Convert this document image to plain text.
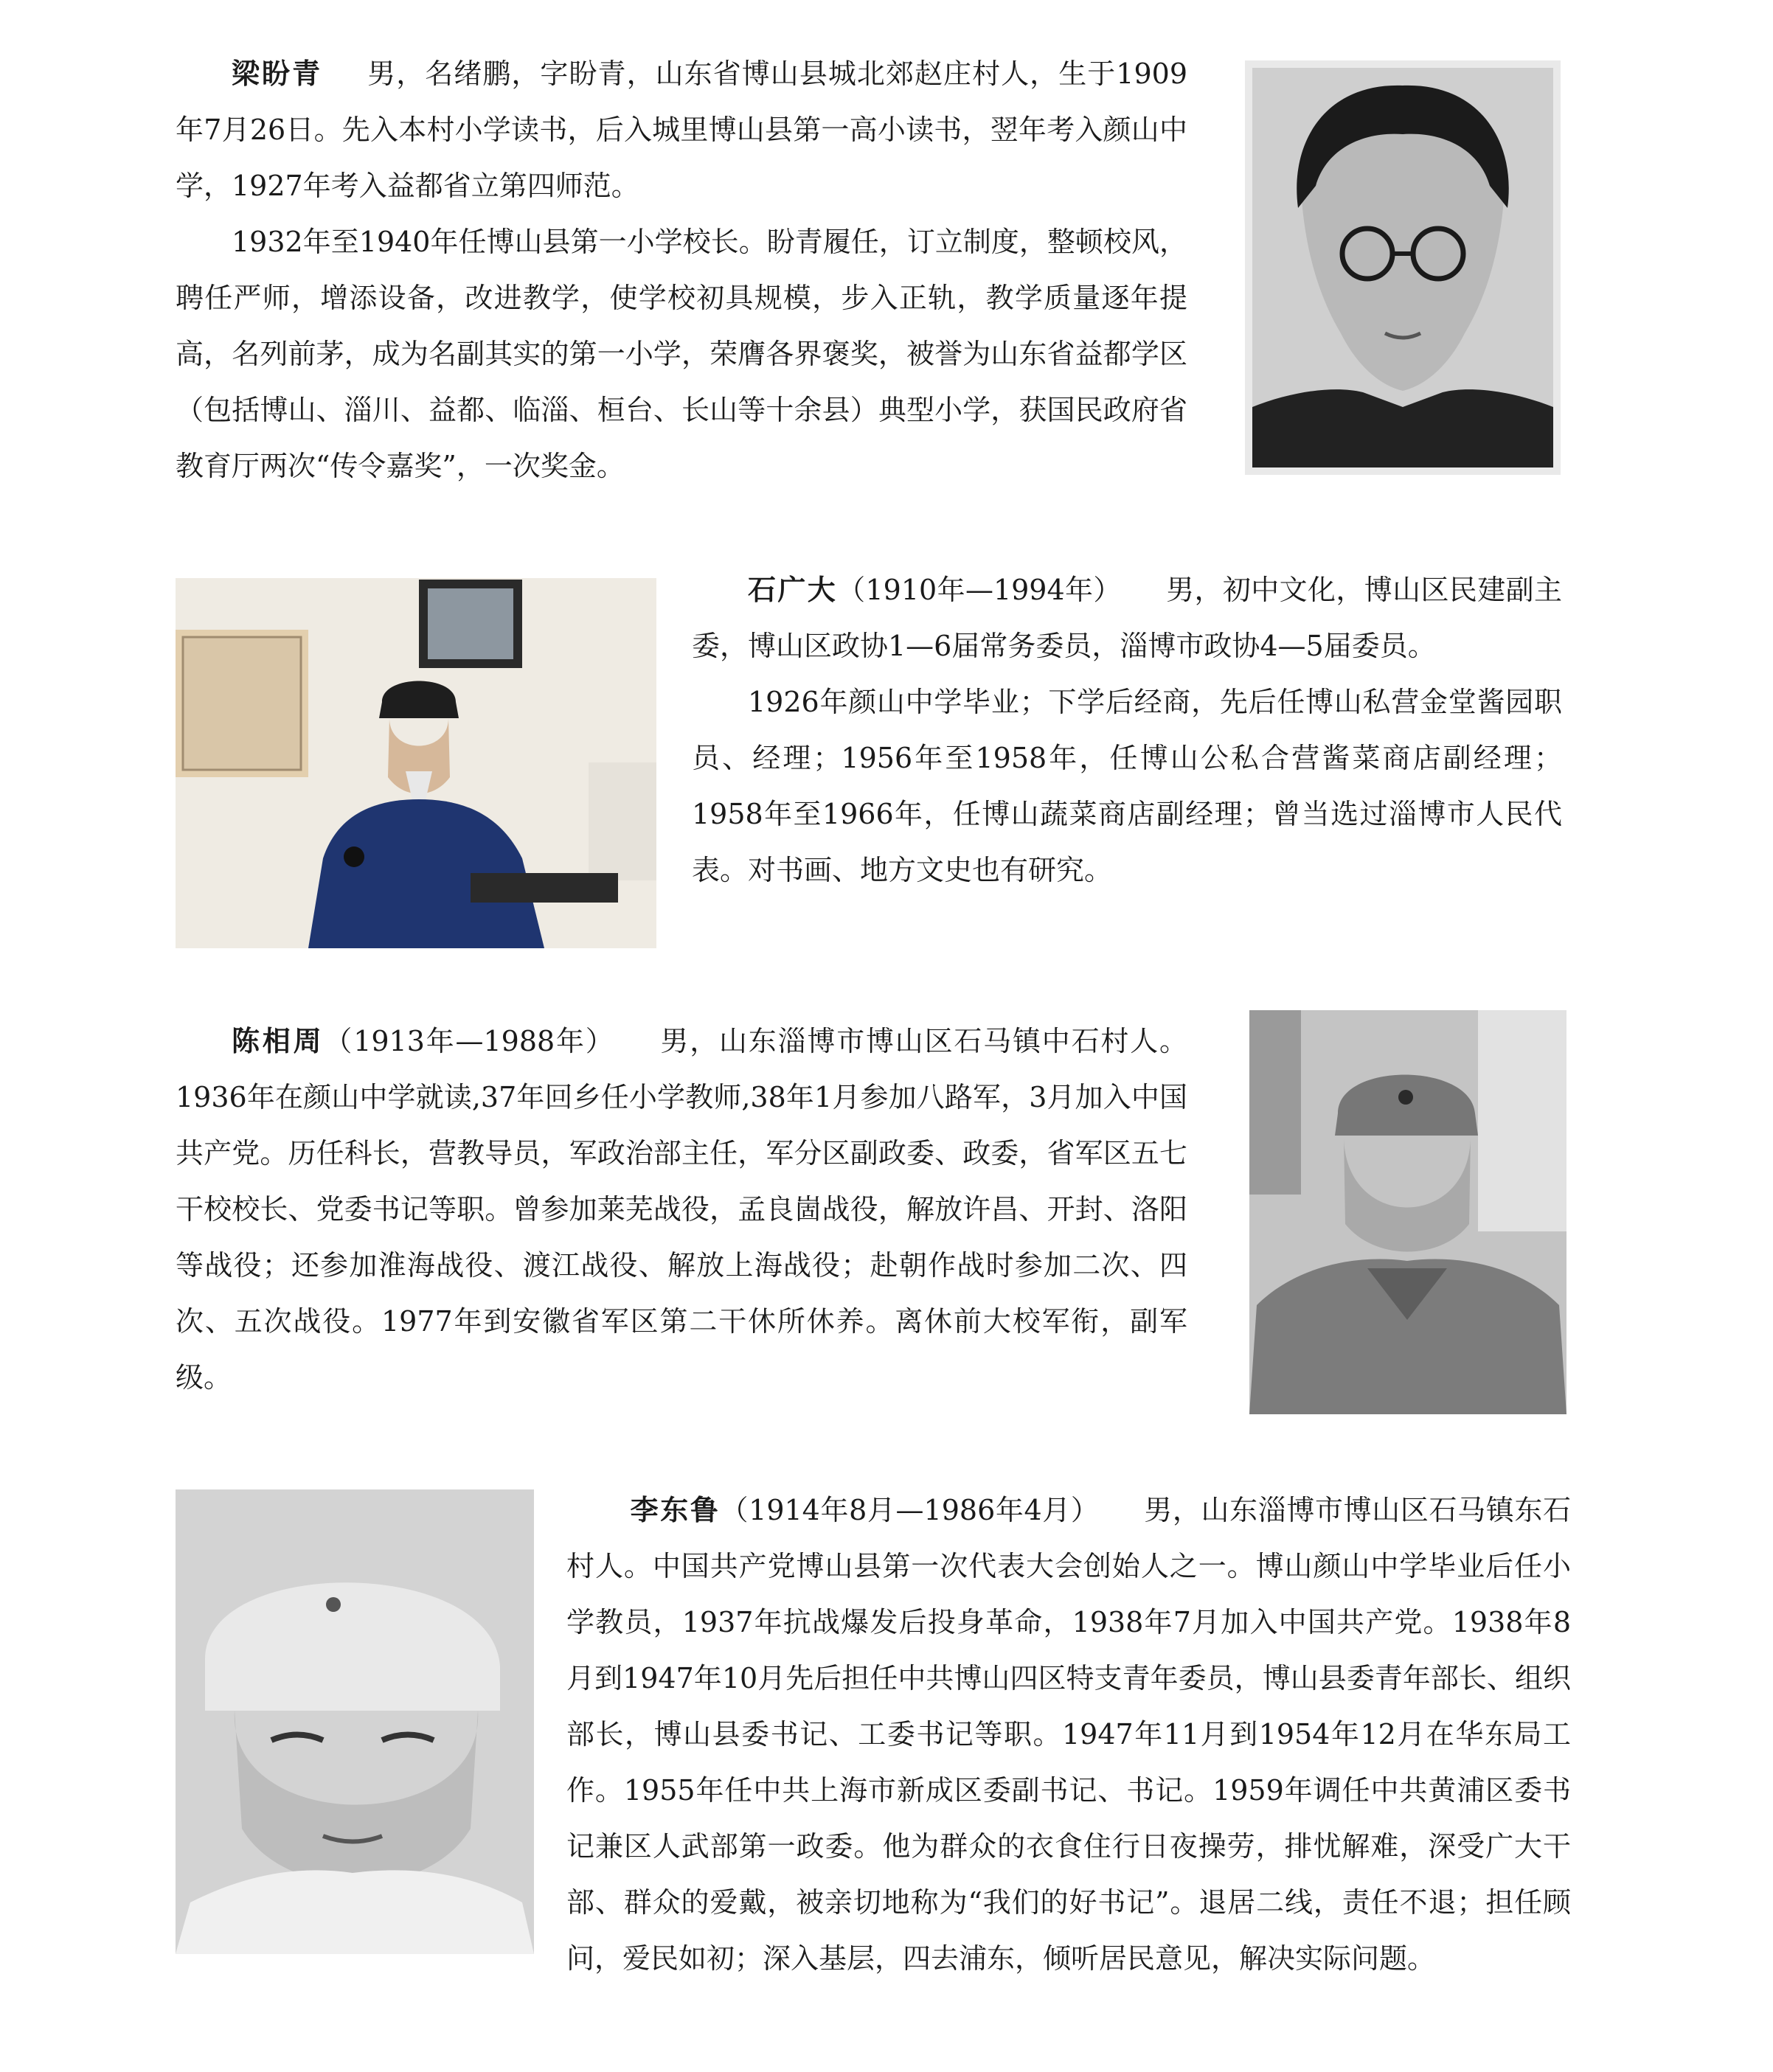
梁盼青 男，名绪鹏，字盼青，山东省博山县城北郊赵庄村人，生于1909年7月26日。先入本村小学读书，后入城里博山县第一高小读书，翌年考入颜山中学，1927年考入益都省立第四师范。

1932年至1940年任博山县第一小学校长。盼青履任，订立制度，整顿校风，聘任严师，增添设备，改进教学，使学校初具规模，步入正轨，教学质量逐年提高，名列前茅，成为名副其实的第一小学，荣膺各界褒奖，被誉为山东省益都学区（包括博山、淄川、益都、临淄、桓台、长山等十余县）典型小学，获国民政府省教育厅两次“传令嘉奖”，一次奖金。

石广大（1910年—1994年） 男，初中文化，博山区民建副主委，博山区政协1—6届常务委员，淄博市政协4—5届委员。

1926年颜山中学毕业；下学后经商，先后任博山私营金堂酱园职员、经理；1956年至1958年，任博山公私合营酱菜商店副经理；1958年至1966年，任博山蔬菜商店副经理；曾当选过淄博市人民代表。对书画、地方文史也有研究。

陈相周（1913年—1988年） 男，山东淄博市博山区石马镇中石村人。1936年在颜山中学就读,37年回乡任小学教师,38年1月参加八路军，3月加入中国共产党。历任科长，营教导员，军政治部主任，军分区副政委、政委，省军区五七干校校长、党委书记等职。曾参加莱芜战役，孟良崮战役，解放许昌、开封、洛阳等战役；还参加淮海战役、渡江战役、解放上海战役；赴朝作战时参加二次、四次、五次战役。1977年到安徽省军区第二干休所休养。离休前大校军衔，副军级。

李东鲁（1914年8月—1986年4月） 男，山东淄博市博山区石马镇东石村人。中国共产党博山县第一次代表大会创始人之一。博山颜山中学毕业后任小学教员，1937年抗战爆发后投身革命，1938年7月加入中国共产党。1938年8月到1947年10月先后担任中共博山四区特支青年委员，博山县委青年部长、组织部长，博山县委书记、工委书记等职。1947年11月到1954年12月在华东局工作。1955年任中共上海市新成区委副书记、书记。1959年调任中共黄浦区委书记兼区人武部第一政委。他为群众的衣食住行日夜操劳，排忧解难，深受广大干部、群众的爱戴，被亲切地称为“我们的好书记”。退居二线，责任不退；担任顾问，爱民如初；深入基层，四去浦东，倾听居民意见，解决实际问题。
